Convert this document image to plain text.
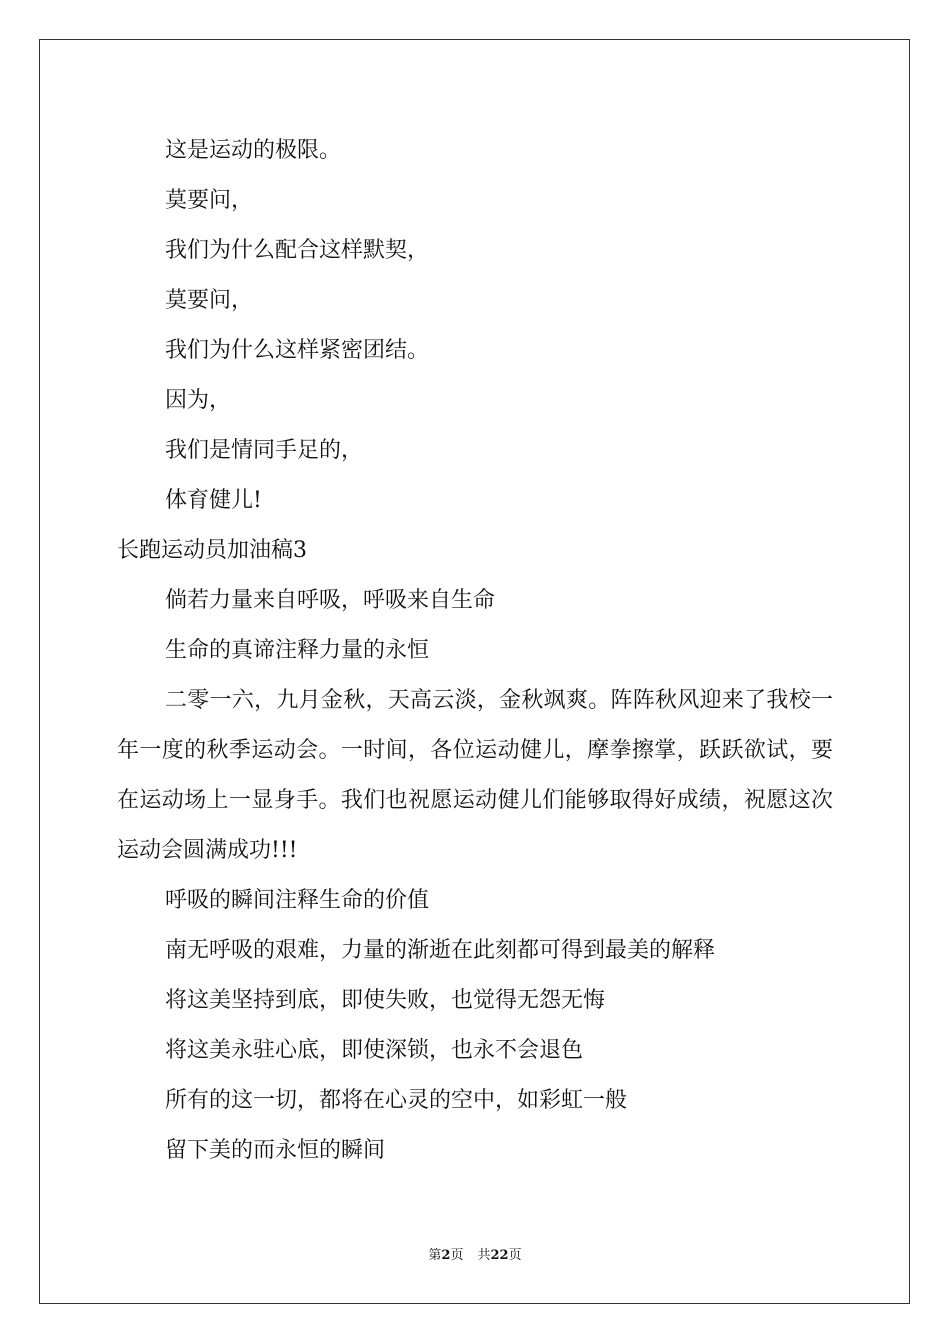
这是运动的极限。
莫要问，
我们为什么配合这样默契，
莫要问，
我们为什么这样紧密团结。
因为，
我们是情同手足的，
体育健儿!
长跑运动员加油稿3
倘若力量来自呼吸，呼吸来自生命
生命的真谛注释力量的永恒
二零一六，九月金秋，天高云淡，金秋飒爽。阵阵秋风迎来了我校一年一度的秋季运动会。一时间，各位运动健儿，摩拳擦掌，跃跃欲试，要在运动场上一显身手。我们也祝愿运动健儿们能够取得好成绩，祝愿这次运动会圆满成功!!!
呼吸的瞬间注释生命的价值
南无呼吸的艰难，力量的渐逝在此刻都可得到最美的解释
将这美坚持到底，即使失败，也觉得无怨无悔
将这美永驻心底，即使深锁，也永不会退色
所有的这一切，都将在心灵的空中，如彩虹一般
留下美的而永恒的瞬间
第2页 共22页
